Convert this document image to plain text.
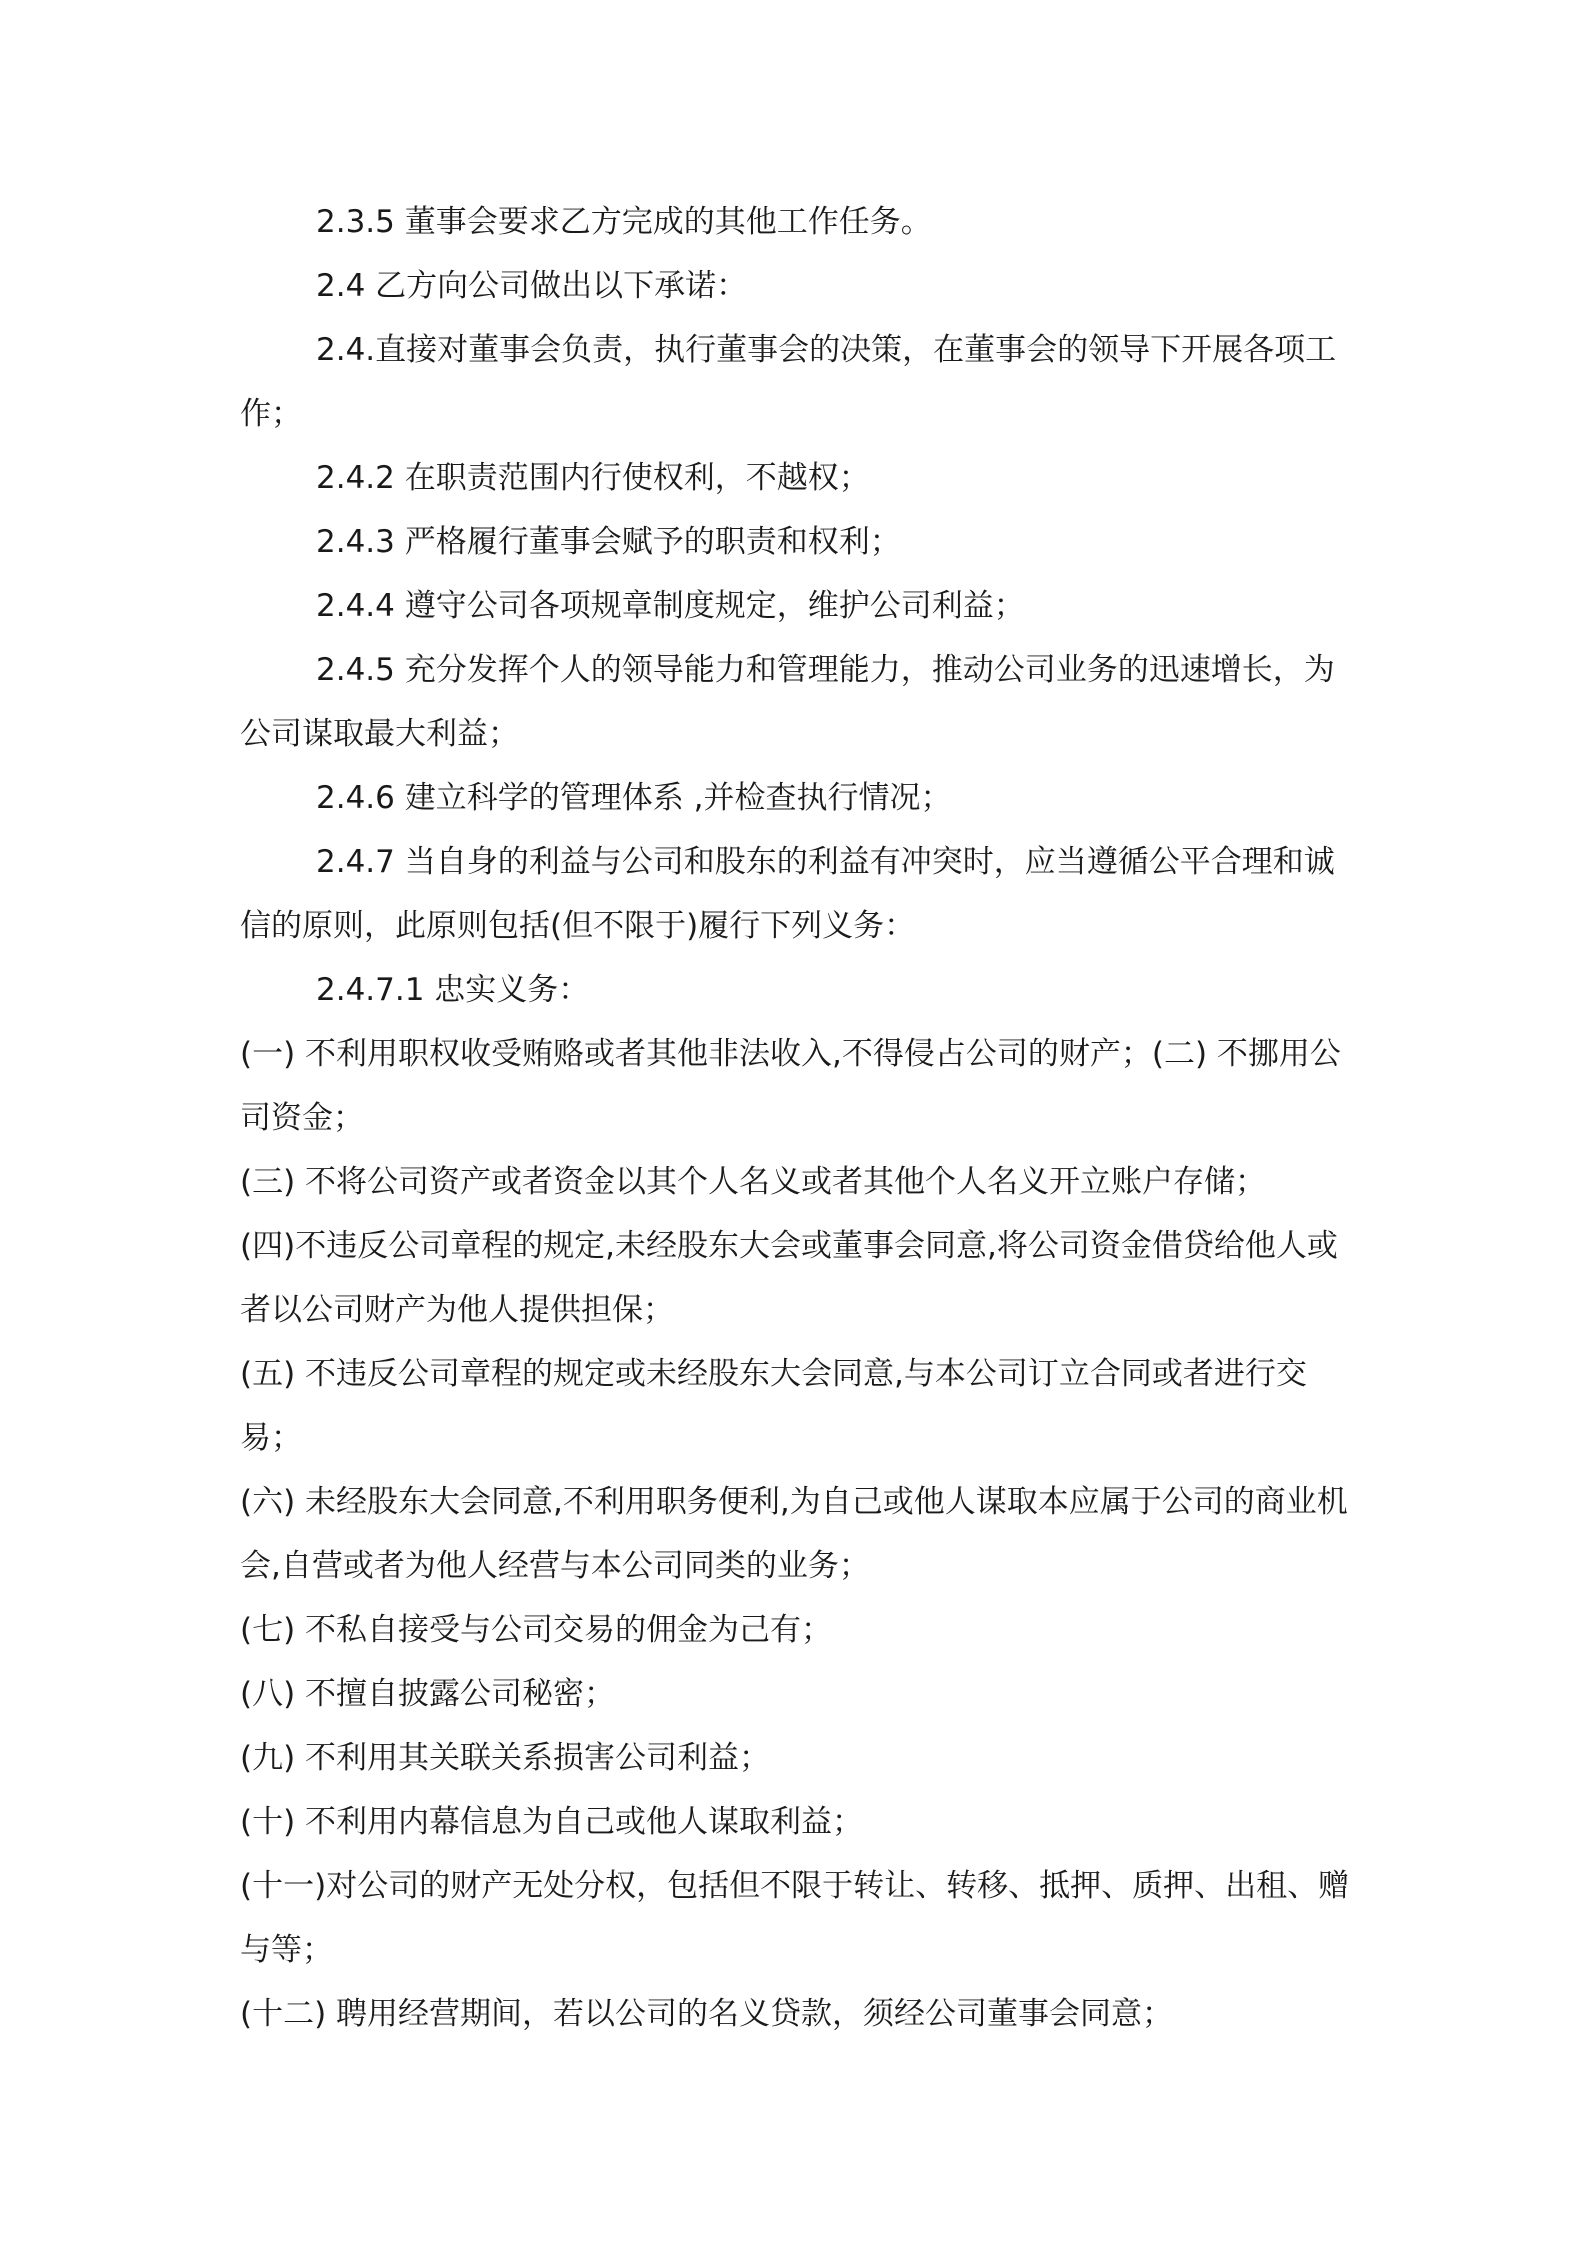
2.3.5 董事会要求乙方完成的其他工作任务。

2.4 乙方向公司做出以下承诺：

2.4.直接对董事会负责，执行董事会的决策，在董事会的领导下开展各项工作；

2.4.2 在职责范围内行使权利，不越权；

2.4.3 严格履行董事会赋予的职责和权利；

2.4.4 遵守公司各项规章制度规定，维护公司利益；

2.4.5 充分发挥个人的领导能力和管理能力，推动公司业务的迅速增长，为公司谋取最大利益；

2.4.6 建立科学的管理体系 ,并检查执行情况；

2.4.7 当自身的利益与公司和股东的利益有冲突时，应当遵循公平合理和诚信的原则，此原则包括(但不限于)履行下列义务：

2.4.7.1 忠实义务：

(一) 不利用职权收受贿赂或者其他非法收入,不得侵占公司的财产；(二) 不挪用公司资金；

(三) 不将公司资产或者资金以其个人名义或者其他个人名义开立账户存储；

(四)不违反公司章程的规定,未经股东大会或董事会同意,将公司资金借贷给他人或者以公司财产为他人提供担保；

(五) 不违反公司章程的规定或未经股东大会同意,与本公司订立合同或者进行交易；

(六) 未经股东大会同意,不利用职务便利,为自己或他人谋取本应属于公司的商业机会,自营或者为他人经营与本公司同类的业务；

(七) 不私自接受与公司交易的佣金为己有；

(八) 不擅自披露公司秘密；

(九) 不利用其关联关系损害公司利益；

(十) 不利用内幕信息为自己或他人谋取利益；

(十一)对公司的财产无处分权，包括但不限于转让、转移、抵押、质押、出租、赠与等；

(十二) 聘用经营期间，若以公司的名义贷款，须经公司董事会同意；
